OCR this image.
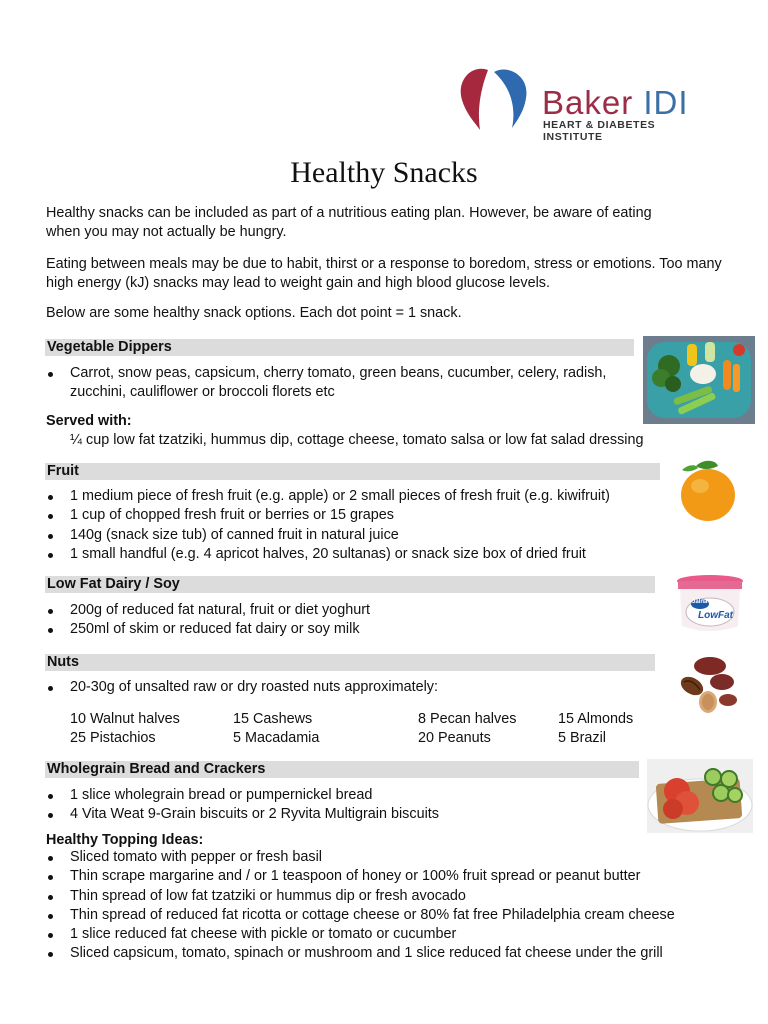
Baker IDI
HEART & DIABETES INSTITUTE
Healthy Snacks

Healthy snacks can be included as part of a nutritious eating plan. However, be aware of eating when you may not actually be hungry.

Eating between meals may be due to habit, thirst or a response to boredom, stress or emotions. Too many high energy (kJ) snacks may lead to weight gain and high blood glucose levels.

Below are some healthy snack options. Each dot point = 1 snack.

Vegetable Dippers
Carrot, snow peas, capsicum, cherry tomato, green beans, cucumber, celery, radish, zucchini, cauliflower or broccoli florets etc
Served with:
¼ cup low fat tzatziki, hummus dip, cottage cheese, tomato salsa or low fat salad dressing
Fruit
1 medium piece of fresh fruit (e.g. apple) or 2 small pieces of fresh fruit (e.g. kiwifruit)
1 cup of chopped fresh fruit or berries or 15 grapes
140g (snack size tub) of canned fruit in natural juice
1 small handful (e.g. 4 apricot halves, 20 sultanas) or snack size box of dried fruit
Low Fat Dairy / Soy
200g of reduced fat natural, fruit or diet yoghurt
250ml of skim or reduced fat dairy or soy milk
Jalna
LowFat
Nuts
20-30g of unsalted raw or dry roasted nuts approximately:
10 Walnut halves	15 Cashews	8 Pecan halves	15 Almonds
25 Pistachios	5 Macadamia	20 Peanuts	5 Brazil
Wholegrain Bread and Crackers
1 slice wholegrain bread or pumpernickel bread
4 Vita Weat 9-Grain biscuits or 2 Ryvita Multigrain biscuits
Healthy Topping Ideas:
Sliced tomato with pepper or fresh basil
Thin scrape margarine and / or 1 teaspoon of honey or 100% fruit spread or peanut butter
Thin spread of low fat tzatziki or hummus dip or fresh avocado
Thin spread of reduced fat ricotta or cottage cheese or 80% fat free Philadelphia cream cheese
1 slice reduced fat cheese with pickle or tomato or cucumber
Sliced capsicum, tomato, spinach or mushroom and 1 slice reduced fat cheese under the grill
